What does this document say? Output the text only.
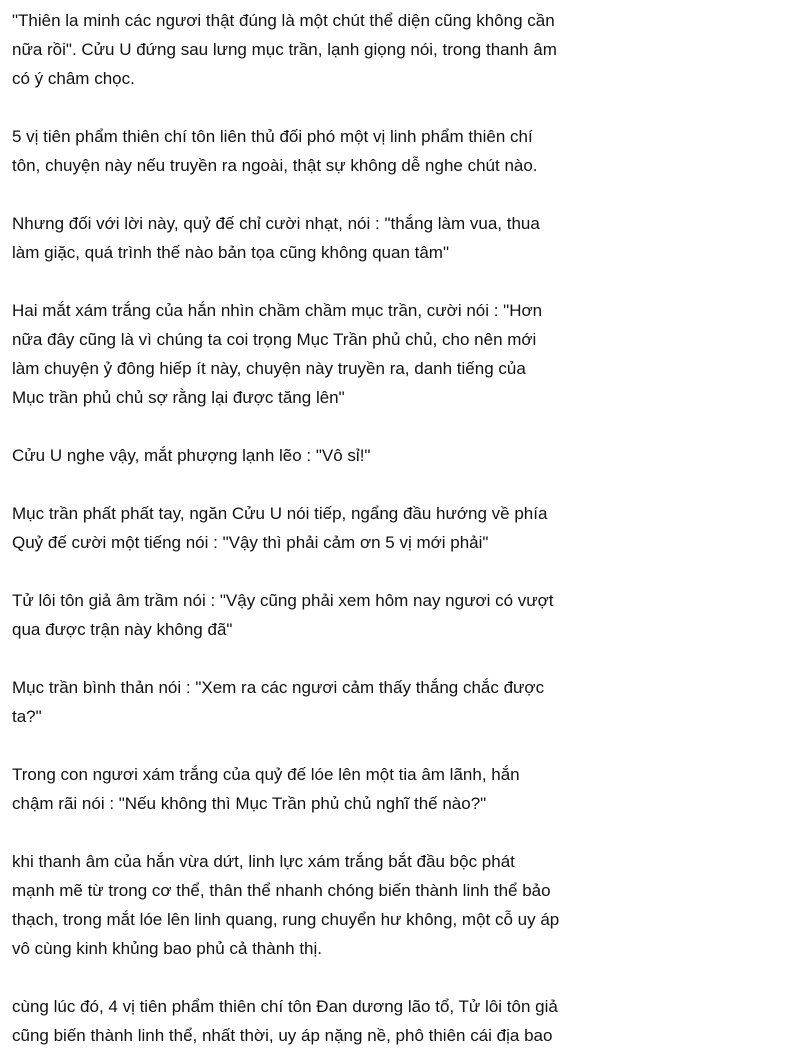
"Thiên la minh các ngươi thật đúng là một chút thể diện cũng không cần
nữa rồi". Cửu U đứng sau lưng mục trần, lạnh giọng nói, trong thanh âm
có ý châm chọc.

5 vị tiên phẩm thiên chí tôn liên thủ đối phó một vị linh phẩm thiên chí
tôn, chuyện này nếu truyền ra ngoài, thật sự không dễ nghe chút nào.

Nhưng đối với lời này, quỷ đế chỉ cười nhạt, nói : "thắng làm vua, thua
làm giặc, quá trình thế nào bản tọa cũng không quan tâm"

Hai mắt xám trắng của hắn nhìn chầm chầm mục trần, cười nói : "Hơn
nữa đây cũng là vì chúng ta coi trọng Mục Trần phủ chủ, cho nên mới
làm chuyện ỷ đông hiếp ít này, chuyện này truyền ra, danh tiếng của
Mục trần phủ chủ sợ rằng lại được tăng lên"

Cửu U nghe vậy, mắt phượng lạnh lẽo : "Vô sỉ!"

Mục trần phất phất tay, ngăn Cửu U nói tiếp, ngẩng đầu hướng về phía
Quỷ đế cười một tiếng nói : "Vậy thì phải cảm ơn 5 vị mới phải"

Tử lôi tôn giả âm trầm nói : "Vậy cũng phải xem hôm nay ngươi có vượt
qua được trận này không đã"

Mục trần bình thản nói : "Xem ra các ngươi cảm thấy thắng chắc được
ta?"

Trong con ngươi xám trắng của quỷ đế lóe lên một tia âm lãnh, hắn
chậm rãi nói : "Nếu không thì Mục Trần phủ chủ nghĩ thế nào?"

khi thanh âm của hắn vừa dứt, linh lực xám trắng bắt đầu bộc phát
mạnh mẽ từ trong cơ thể, thân thể nhanh chóng biến thành linh thể bảo
thạch, trong mắt lóe lên linh quang, rung chuyển hư không, một cỗ uy áp
vô cùng kinh khủng bao phủ cả thành thị.

cùng lúc đó, 4 vị tiên phẩm thiên chí tôn Đan dương lão tổ, Tử lôi tôn giả
cũng biến thành linh thể, nhất thời, uy áp nặng nề, phô thiên cái địa bao
